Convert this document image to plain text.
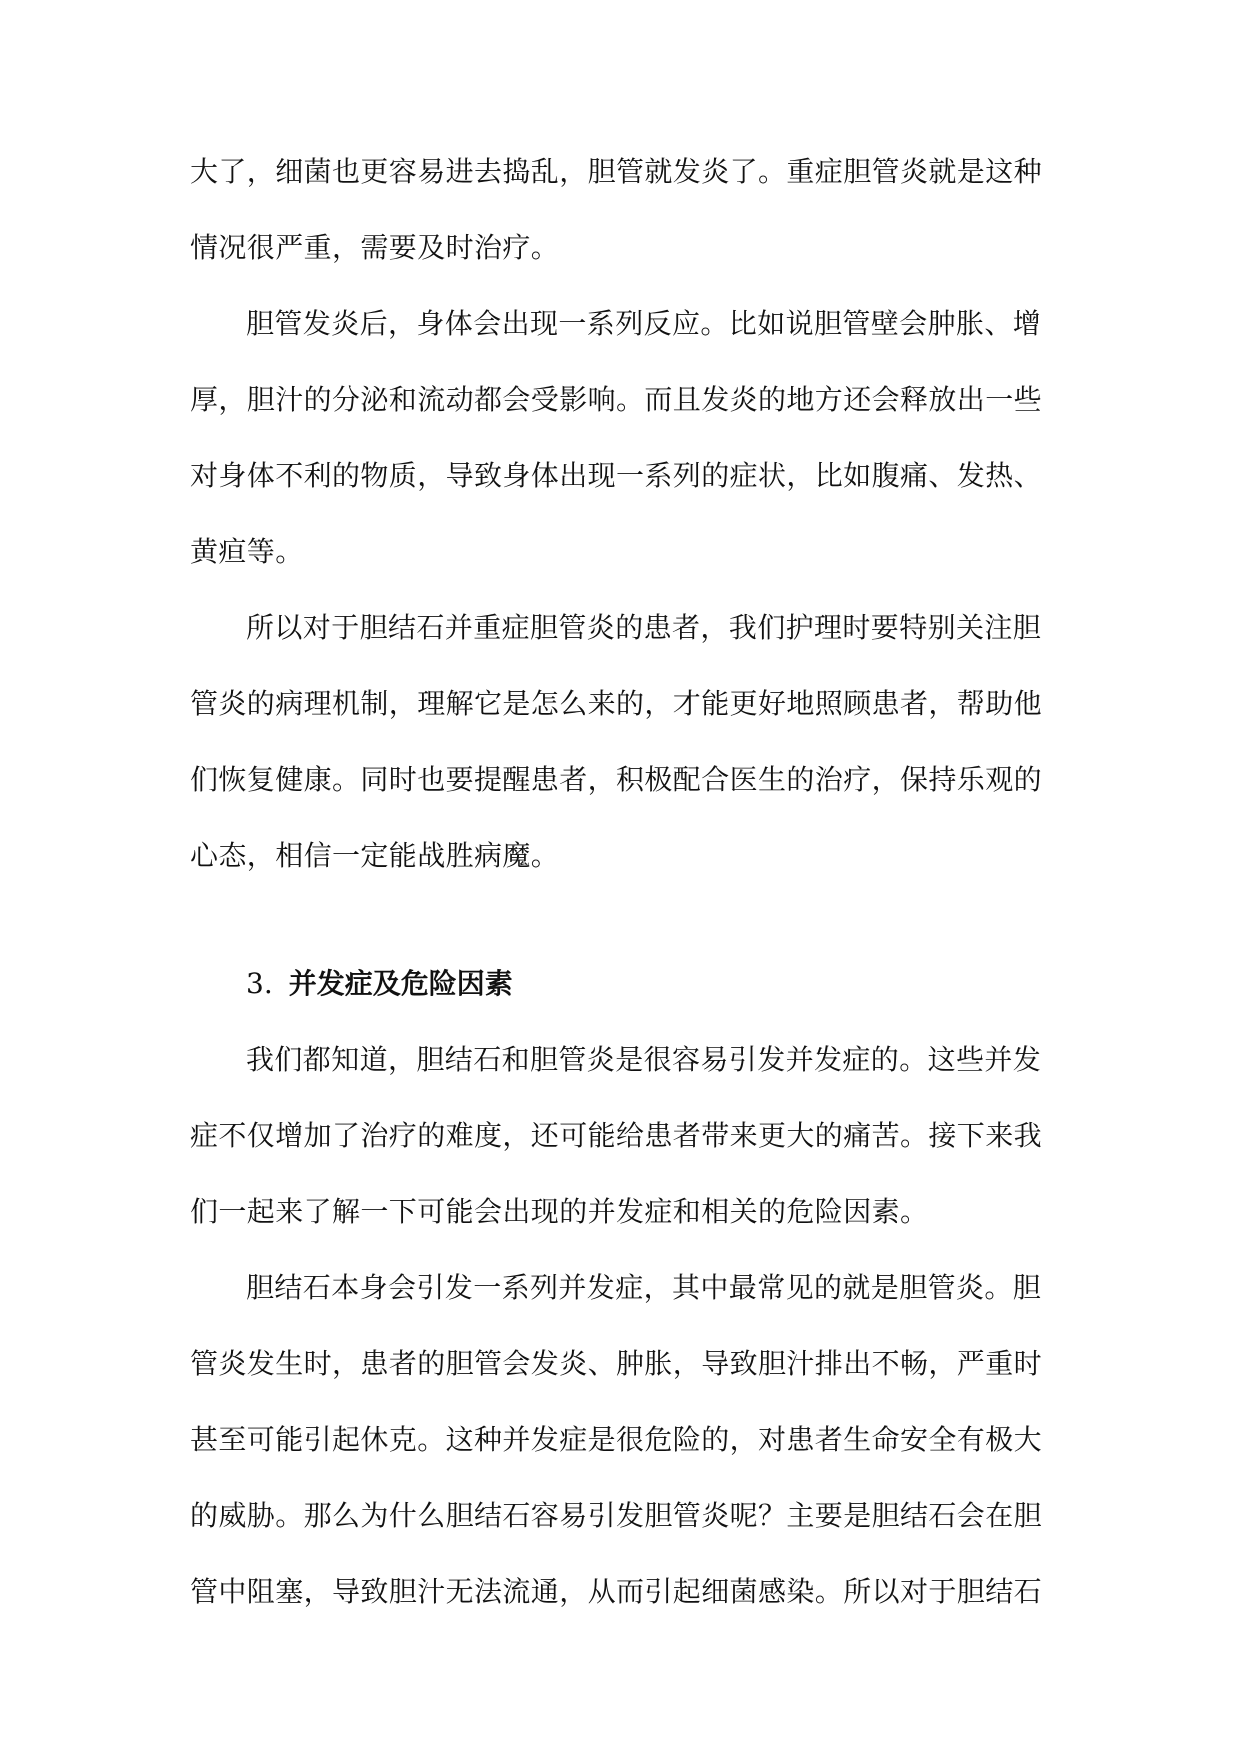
大了，细菌也更容易进去捣乱，胆管就发炎了。重症胆管炎就是这种
情况很严重，需要及时治疗。
胆管发炎后，身体会出现一系列反应。比如说胆管壁会肿胀、增
厚，胆汁的分泌和流动都会受影响。而且发炎的地方还会释放出一些
对身体不利的物质，导致身体出现一系列的症状，比如腹痛、发热、
黄疸等。
所以对于胆结石并重症胆管炎的患者，我们护理时要特别关注胆
管炎的病理机制，理解它是怎么来的，才能更好地照顾患者，帮助他
们恢复健康。同时也要提醒患者，积极配合医生的治疗，保持乐观的
心态，相信一定能战胜病魔。
3. 并发症及危险因素
我们都知道，胆结石和胆管炎是很容易引发并发症的。这些并发
症不仅增加了治疗的难度，还可能给患者带来更大的痛苦。接下来我
们一起来了解一下可能会出现的并发症和相关的危险因素。
胆结石本身会引发一系列并发症，其中最常见的就是胆管炎。胆
管炎发生时，患者的胆管会发炎、肿胀，导致胆汁排出不畅，严重时
甚至可能引起休克。这种并发症是很危险的，对患者生命安全有极大
的威胁。那么为什么胆结石容易引发胆管炎呢？主要是胆结石会在胆
管中阻塞，导致胆汁无法流通，从而引起细菌感染。所以对于胆结石
